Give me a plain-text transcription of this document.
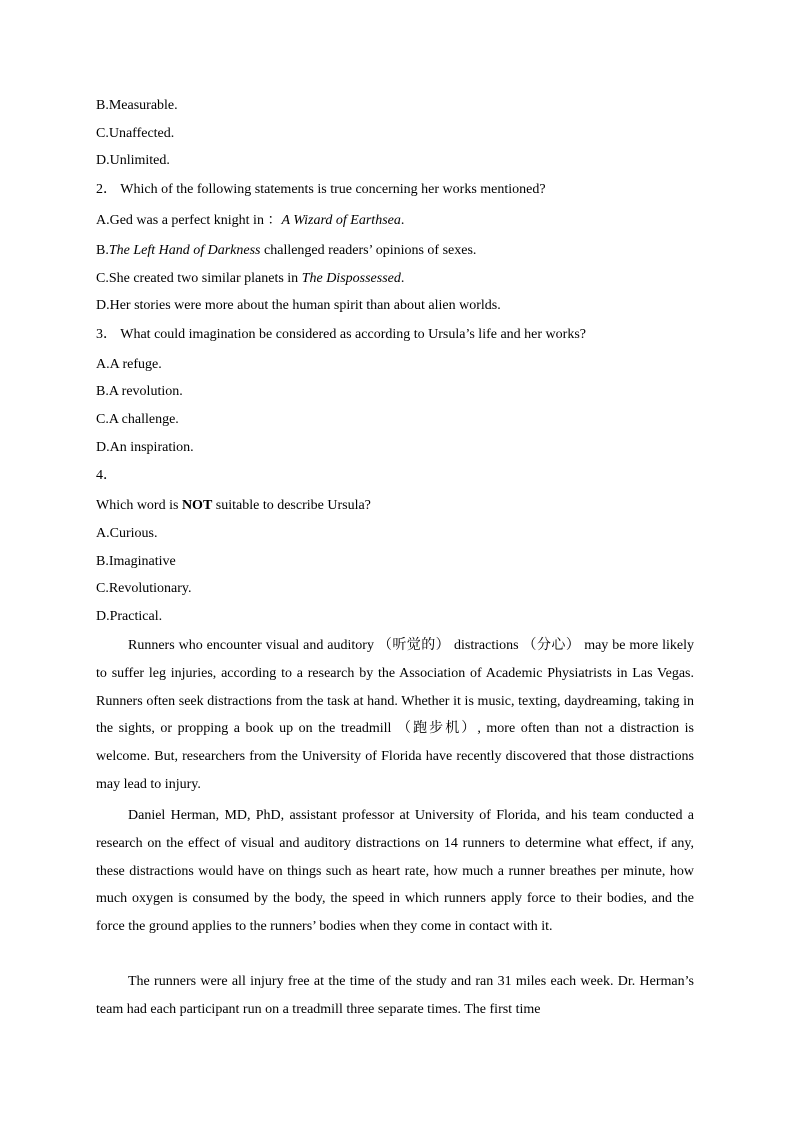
B.Measurable.
C.Unaffected.
D.Unlimited.
2． Which of the following statements is true concerning her works mentioned?
A.Ged was a perfect knight in ：A Wizard of Earthsea.
B.The Left Hand of Darkness challenged readers’ opinions of sexes.
C.She created two similar planets in The Dispossessed.
D.Her stories were more about the human spirit than about alien worlds.
3． What could imagination be considered as according to Ursula’s life and her works?
A.A refuge.
B.A revolution.
C.A challenge.
D.An inspiration.
4．
Which word is NOT suitable to describe Ursula?
A.Curious.
B.Imaginative
C.Revolutionary.
D.Practical.
Runners who encounter visual and auditory （听觉的） distractions （分心） may be more likely to suffer leg injuries, according to a research by the Association of Academic Physiatrists in Las Vegas. Runners often seek distractions from the task at hand. Whether it is music, texting, daydreaming, taking in the sights, or propping a book up on the treadmill （跑步机）, more often than not a distraction is welcome. But, researchers from the University of Florida have recently discovered that those distractions may lead to injury.
Daniel Herman, MD, PhD, assistant professor at University of Florida, and his team conducted a research on the effect of visual and auditory distractions on 14 runners to determine what effect, if any, these distractions would have on things such as heart rate, how much a runner breathes per minute, how much oxygen is consumed by the body, the speed in which runners apply force to their bodies, and the force the ground applies to the runners’ bodies when they come in contact with it.
The runners were all injury free at the time of the study and ran 31 miles each week. Dr. Herman’s team had each participant run on a treadmill three separate times. The first time
